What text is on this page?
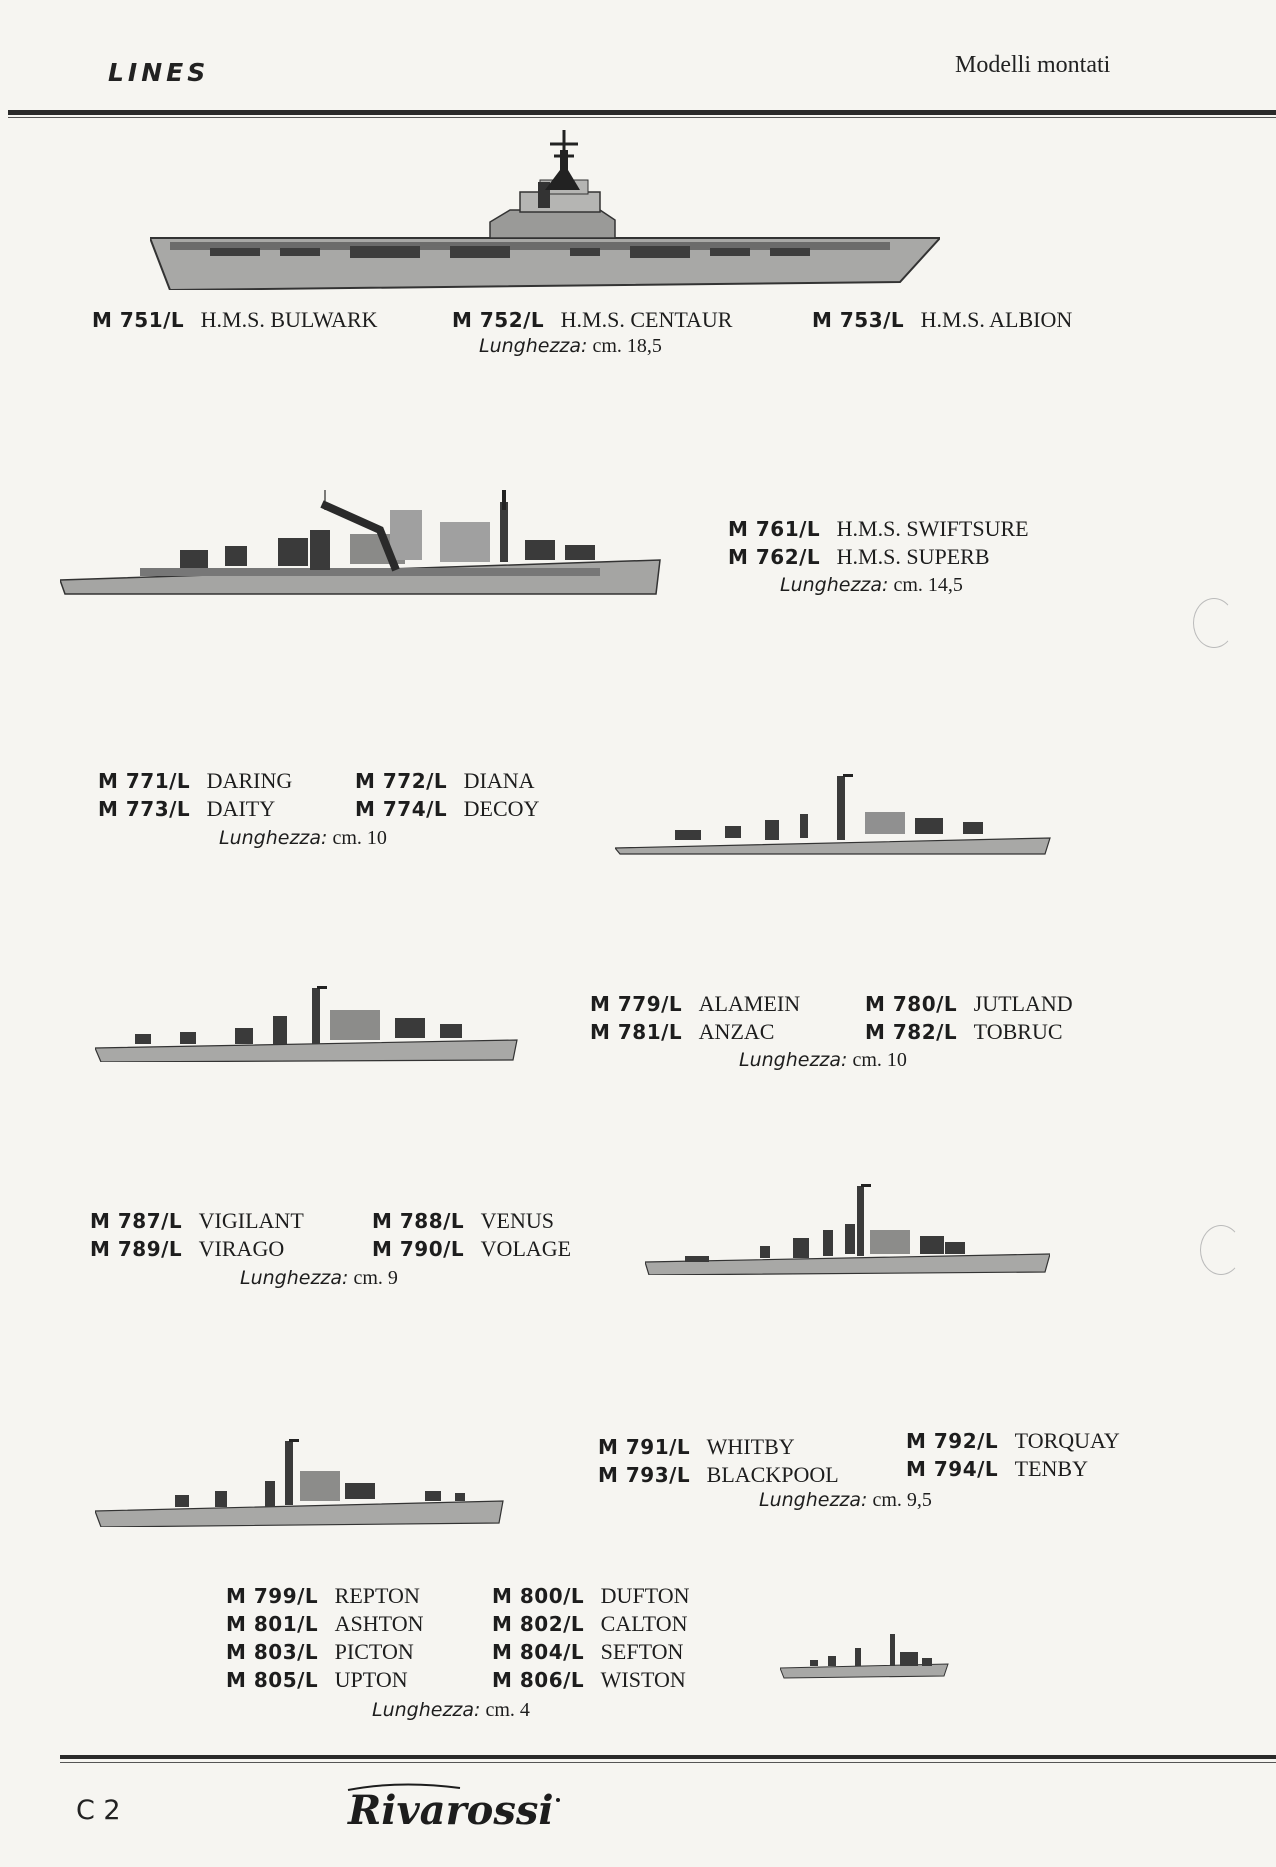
LINES	Modelli montati
M 751/L H.M.S. BULWARK	M 752/L H.M.S. CENTAUR	M 753/L H.M.S. ALBION
Lunghezza: cm. 18,5
M 761/L H.M.S. SWIFTSURE
M 762/L H.M.S. SUPERB
Lunghezza: cm. 14,5
M 771/L DARING	M 772/L DIANA
M 773/L DAITY	M 774/L DECOY
Lunghezza: cm. 10
M 779/L ALAMEIN	M 780/L JUTLAND
M 781/L ANZAC	M 782/L TOBRUC
Lunghezza: cm. 10
M 787/L VIGILANT	M 788/L VENUS
M 789/L VIRAGO	M 790/L VOLAGE
Lunghezza: cm. 9
M 791/L WHITBY	M 792/L TORQUAY
M 793/L BLACKPOOL	M 794/L TENBY
Lunghezza: cm. 9,5
M 799/L REPTON	M 800/L DUFTON
M 801/L ASHTON	M 802/L CALTON
M 803/L PICTON	M 804/L SEFTON
M 805/L UPTON	M 806/L WISTON
Lunghezza: cm. 4
C 2	Rivarossi
